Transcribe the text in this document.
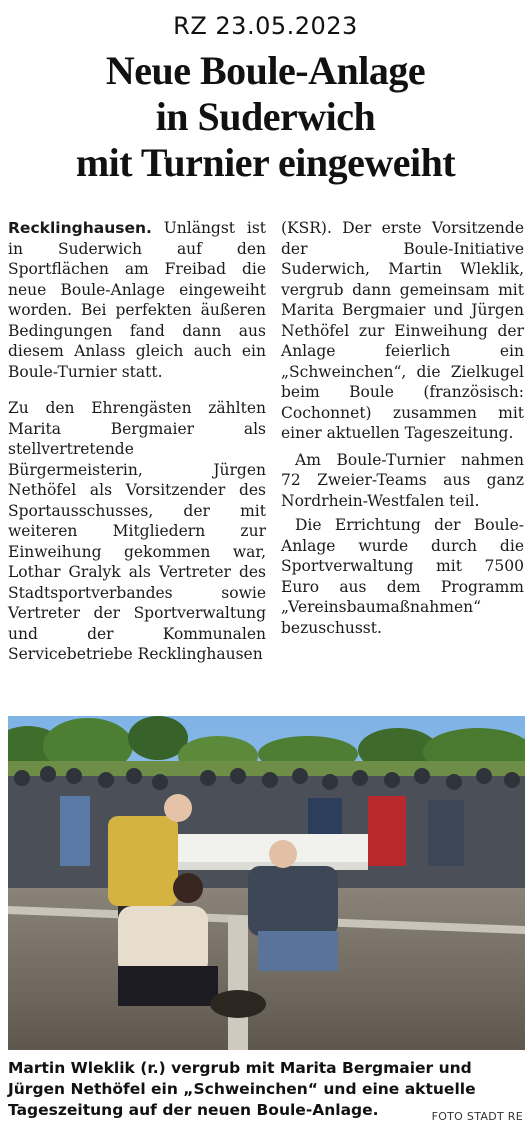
RZ 23.05.2023
Neue Boule-Anlage
in Suderwich
mit Turnier eingeweiht

Recklinghausen. Unlängst ist in Suderwich auf den Sportflächen am Freibad die neue Boule-Anlage eingeweiht worden. Bei perfekten äußeren Bedingungen fand dann aus diesem Anlass gleich auch ein Boule-Turnier statt.

Zu den Ehrengästen zählten Marita Bergmaier als stellvertretende Bürgermeisterin, Jürgen Nethöfel als Vorsitzender des Sportausschusses, der mit weiteren Mitgliedern zur Einweihung gekommen war, Lothar Gralyk als Vertreter des Stadtsportverbandes sowie Vertreter der Sportverwaltung und der Kommunalen Servicebetriebe Recklinghausen

(KSR). Der erste Vorsitzende der Boule-Initiative Suderwich, Martin Wleklik, vergrub dann gemeinsam mit Marita Bergmaier und Jürgen Nethöfel zur Einweihung der Anlage feierlich ein „Schweinchen“, die Zielkugel beim Boule (französisch: Cochonnet) zusammen mit einer aktuellen Tageszeitung.

Am Boule-Turnier nahmen 72 Zweier-Teams aus ganz Nordrhein-Westfalen teil.

Die Errichtung der Boule-Anlage wurde durch die Sportverwaltung mit 7500 Euro aus dem Programm „Vereinsbaumaßnahmen“ bezuschusst.

Martin Wleklik (r.) vergrub mit Marita Bergmaier und Jürgen Nethöfel ein „Schweinchen“ und eine aktuelle Tageszeitung auf der neuen Boule-Anlage.	FOTO STADT RE
